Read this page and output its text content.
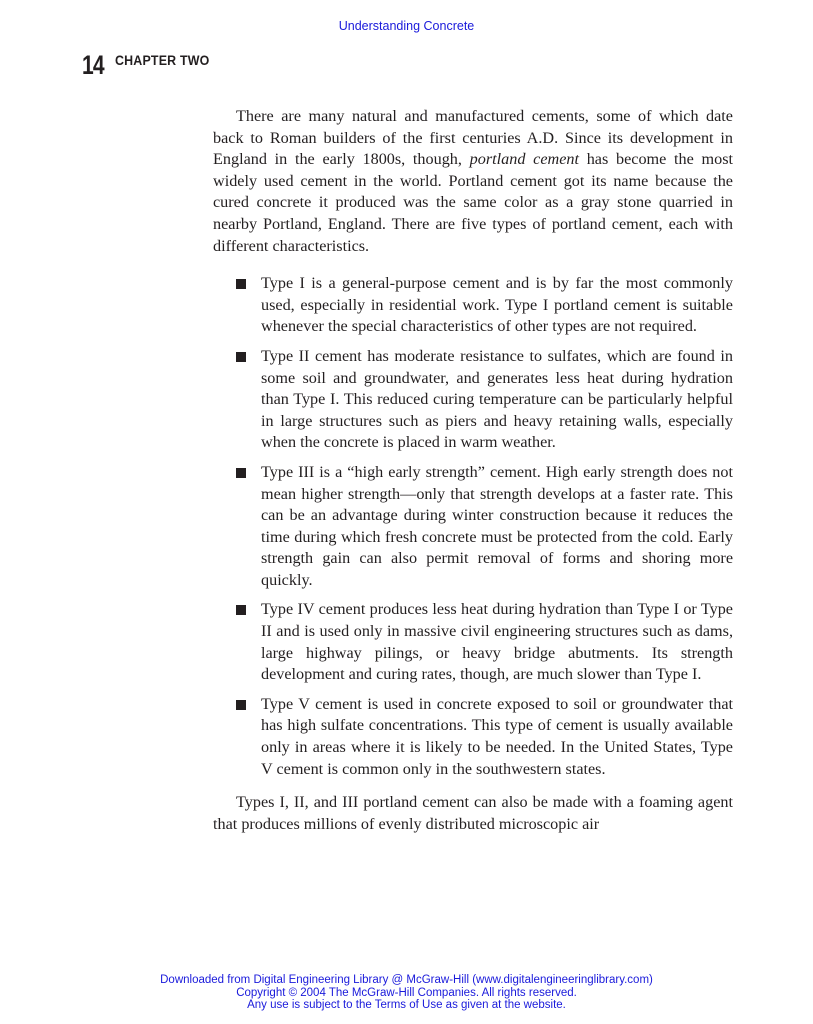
Understanding Concrete
14 CHAPTER TWO

There are many natural and manufactured cements, some of which date back to Roman builders of the first centuries A.D. Since its development in England in the early 1800s, though, portland cement has become the most widely used cement in the world. Portland cement got its name because the cured concrete it produced was the same color as a gray stone quarried in nearby Portland, England. There are five types of portland cement, each with different characteristics.

Type I is a general-purpose cement and is by far the most commonly used, especially in residential work. Type I portland cement is suitable whenever the special characteristics of other types are not required.
Type II cement has moderate resistance to sulfates, which are found in some soil and groundwater, and generates less heat during hydration than Type I. This reduced curing temperature can be particularly helpful in large structures such as piers and heavy retaining walls, especially when the concrete is placed in warm weather.
Type III is a “high early strength” cement. High early strength does not mean higher strength—only that strength develops at a faster rate. This can be an advantage during winter construction because it reduces the time during which fresh concrete must be protected from the cold. Early strength gain can also permit removal of forms and shoring more quickly.
Type IV cement produces less heat during hydration than Type I or Type II and is used only in massive civil engineering structures such as dams, large highway pilings, or heavy bridge abutments. Its strength development and curing rates, though, are much slower than Type I.
Type V cement is used in concrete exposed to soil or groundwater that has high sulfate concentrations. This type of cement is usually available only in areas where it is likely to be needed. In the United States, Type V cement is common only in the southwestern states.

Types I, II, and III portland cement can also be made with a foaming agent that produces millions of evenly distributed microscopic air

Downloaded from Digital Engineering Library @ McGraw-Hill (www.digitalengineeringlibrary.com)
Copyright © 2004 The McGraw-Hill Companies. All rights reserved.
Any use is subject to the Terms of Use as given at the website.
